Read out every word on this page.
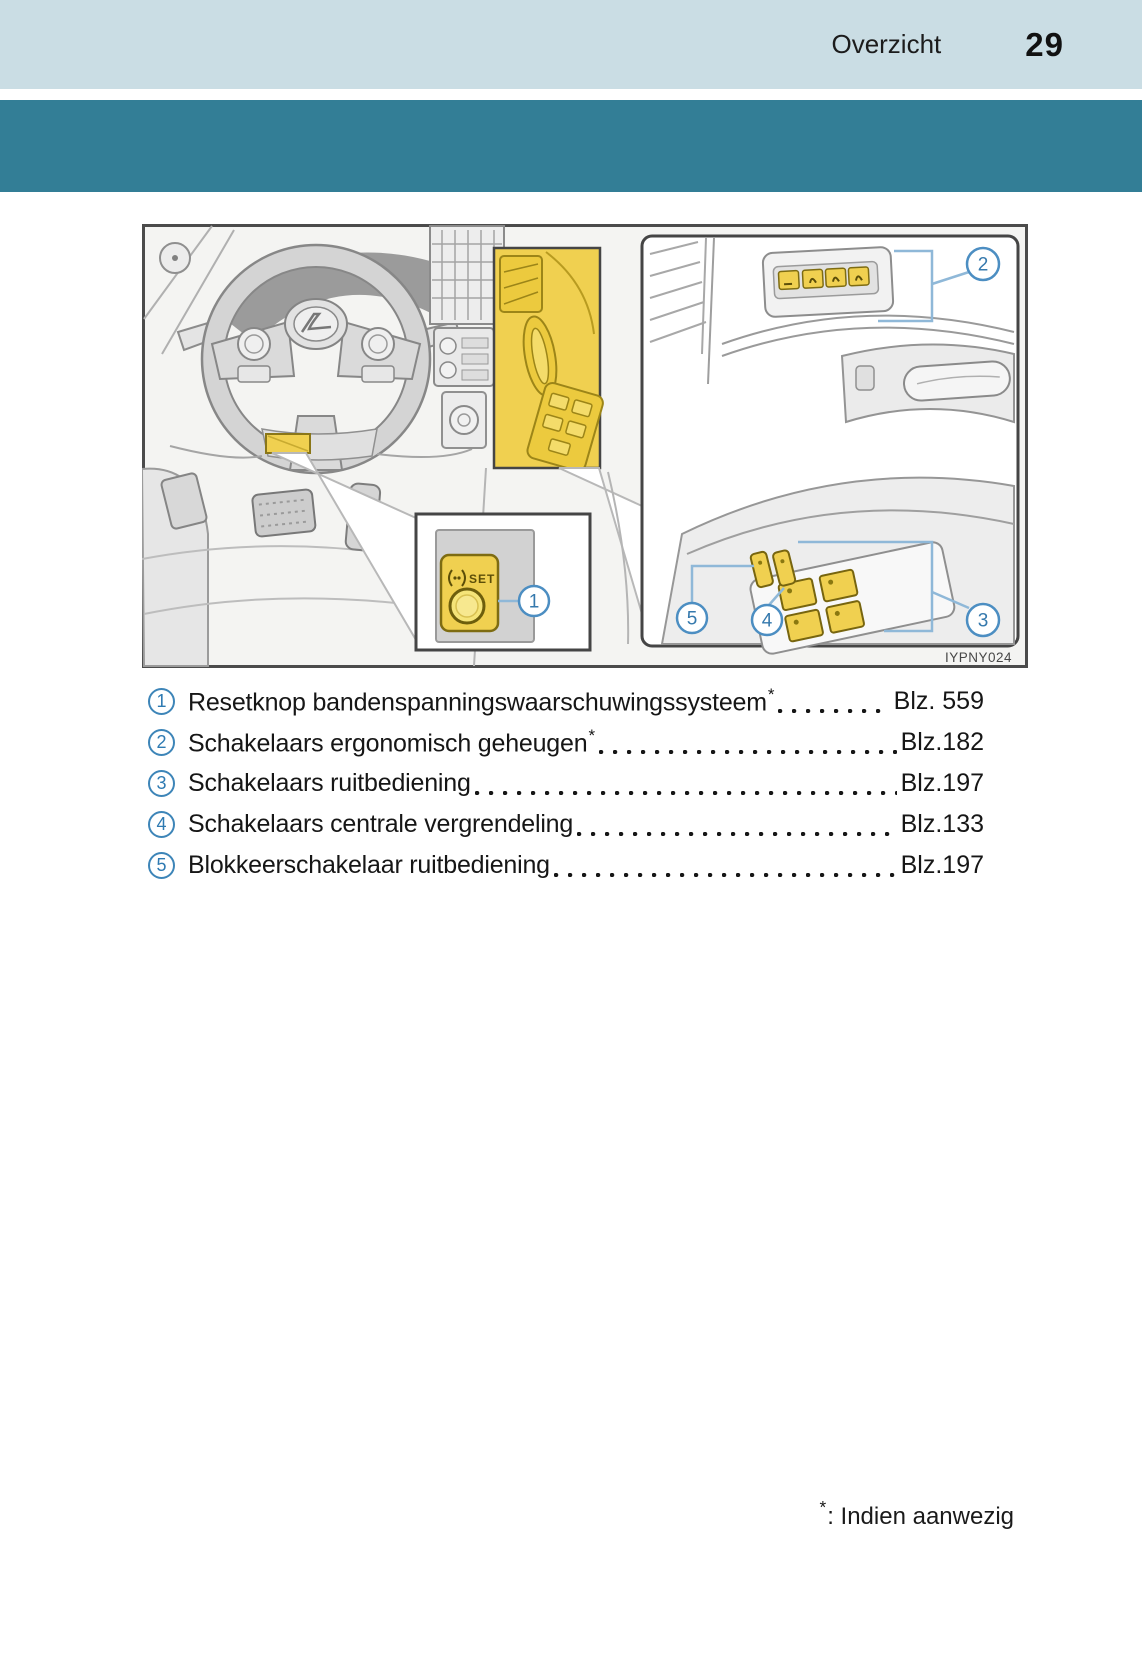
Overzicht	29
SET
1
2
5	4	3
IYPNY024
1 Resetknop bandenspanningswaarschuwingssysteem*	Blz. 559
2 Schakelaars ergonomisch geheugen*	Blz.182
3 Schakelaars ruitbediening	Blz.197
4 Schakelaars centrale vergrendeling	Blz.133
5 Blokkeerschakelaar ruitbediening	Blz.197
*: Indien aanwezig
